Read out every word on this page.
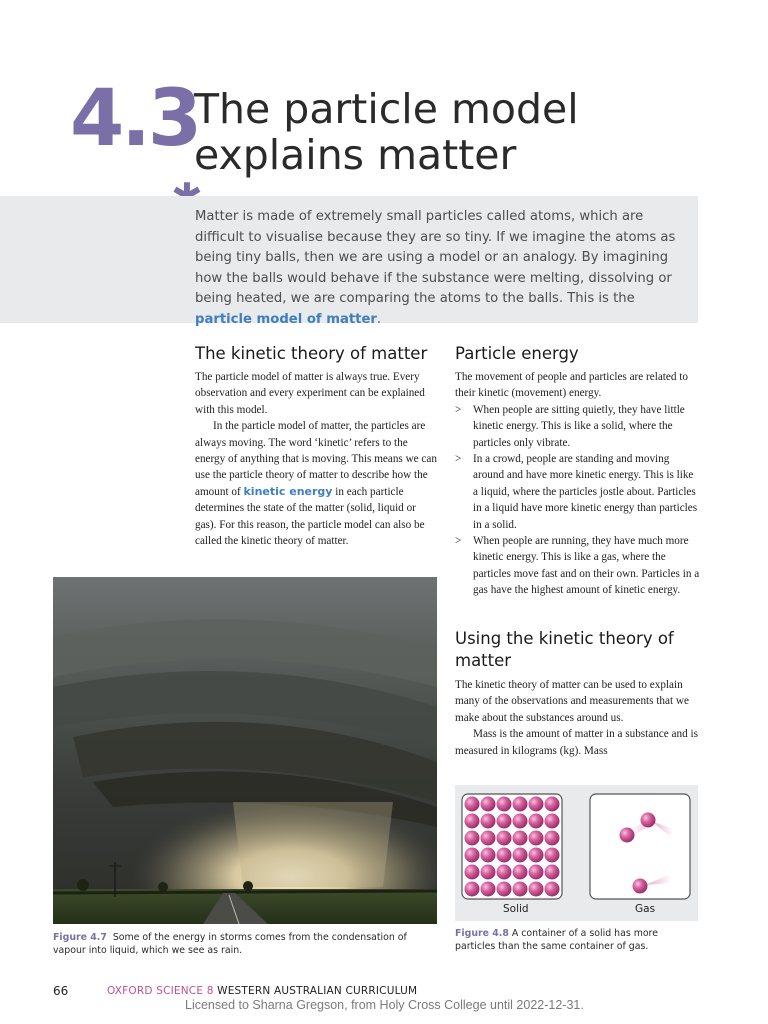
4.3
The particle model
explains matter
Matter is made of extremely small particles called atoms, which are difficult to visualise because they are so tiny. If we imagine the atoms as being tiny balls, then we are using a model or an analogy. By imagining how the balls would behave if the substance were melting, dissolving or being heated, we are comparing the atoms to the balls. This is the particle model of matter.
The kinetic theory of matter

The particle model of matter is always true. Every observation and every experiment can be explained with this model.

In the particle model of matter, the particles are always moving. The word ‘kinetic’ refers to the energy of anything that is moving. This means we can use the particle theory of matter to describe how the amount of kinetic energy in each particle determines the state of the matter (solid, liquid or gas). For this reason, the particle model can also be called the kinetic theory of matter.

Figure 4.7 Some of the energy in storms comes from the condensation of vapour into liquid, which we see as rain.
Particle energy

The movement of people and particles are related to their kinetic (movement) energy.

> When people are sitting quietly, they have little kinetic energy. This is like a solid, where the particles only vibrate.
> In a crowd, people are standing and moving around and have more kinetic energy. This is like a liquid, where the particles jostle about. Particles in a liquid have more kinetic energy than particles in a solid.
> When people are running, they have much more kinetic energy. This is like a gas, where the particles move fast and on their own. Particles in a gas have the highest amount of kinetic energy.
Using the kinetic theory of matter

The kinetic theory of matter can be used to explain many of the observations and measurements that we make about the substances around us.

Mass is the amount of matter in a substance and is measured in kilograms (kg). Mass

Solid	Gas
Figure 4.8 A container of a solid has more particles than the same container of gas.
66	OXFORD SCIENCE 8 WESTERN AUSTRALIAN CURRICULUM
Licensed to Sharna Gregson, from Holy Cross College until 2022-12-31.
